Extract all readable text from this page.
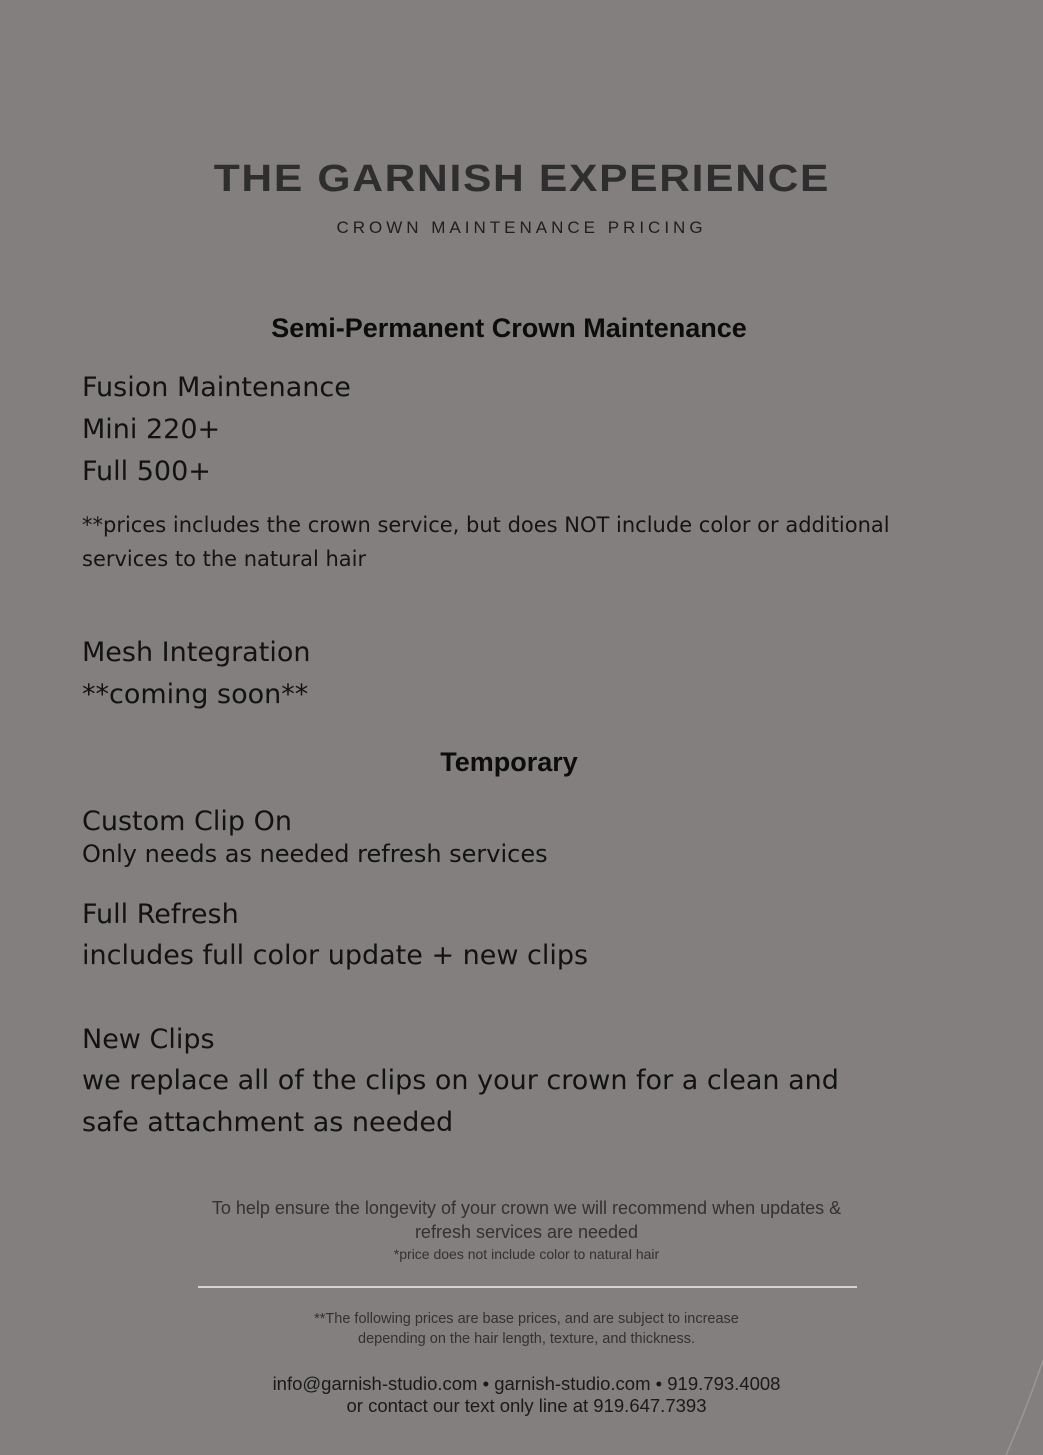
THE GARNISH EXPERIENCE
CROWN MAINTENANCE PRICING
Semi-Permanent Crown Maintenance
Fusion Maintenance
Mini 220+
Full 500+
**prices includes the crown service, but does NOT include color or additional
services to the natural hair
Mesh Integration
**coming soon**
Temporary
Custom Clip On
Only needs as needed refresh services
Full Refresh
includes full color update + new clips
New Clips
we replace all of the clips on your crown for a clean and
safe attachment as needed
To help ensure the longevity of your crown we will recommend when updates &
refresh services are needed
*price does not include color to natural hair
**The following prices are base prices, and are subject to increase
depending on the hair length, texture, and thickness.
info@garnish-studio.com • garnish-studio.com • 919.793.4008
or contact our text only line at 919.647.7393
